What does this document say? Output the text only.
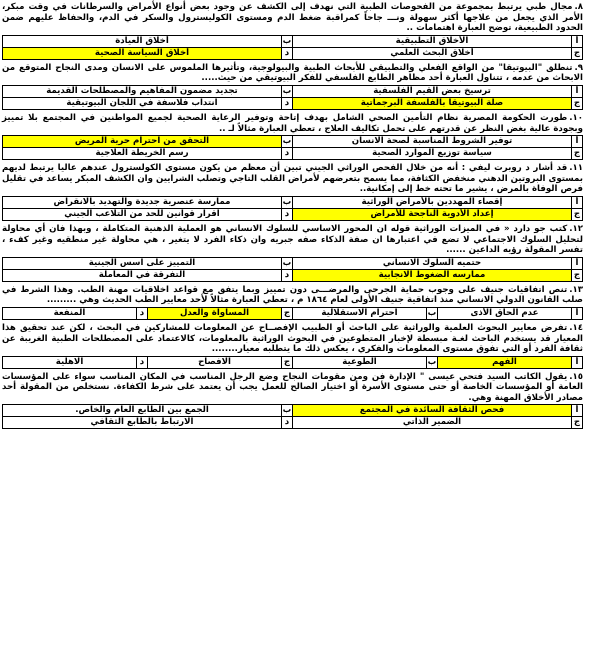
٨.مجال طبي يرتبط بمجموعة من الفحوصات الطبية التي نهدف إلى الكشف عن وجود بعض أنواع الأمراض والسرطانات في وقت مبكر، الأمر الذي يجعل من علاجها أكثر سهولة ونـــ جاحاً كمراقبة ضغط الدم ومستوى الكوليسترول والسكر في الدم، والحفاظ عليهم ضمن الحدود الطبيعية، توضح العبارة اهتمامات ..
أ	الأخلاق التطبيقية	ب	أخلاق العيادة
ج	أخلاق البحث العلمي	د	أخلاق السياسة الصحية
٩.تنطلق "البيوتيقا" من الواقع الفعلي والتطبيقي للأبحاث الطبية والبيولوجية، وتأثيرها الملموس على الانسان ومدى النجاح المتوقع من الابحاث من عدمه ، تتناول العبارة أحد مظاهر الطابع الفلسفي للفكر البيوتيقي من حيث.....
أ	ترسيخ بعض القيم الفلسفية	ب	تجديد مضمون المفاهيم والمصطلحات القديمة
ج	صلة البيوتيقا بالفلسفة البرجماتية	د	انتداب فلاسفة في اللجان البيوتيقية
١٠.طورت الحكومة المصرية نظام التأمين الصحي الشامل بهدف إتاحة وتوفير الرعاية الصحية لجميع المواطنين في المجتمع بلا تمييز وبجودة عالية بغض النظر عن قدرتهم على تحمل تكاليف العلاج ، تعطي العبارة مثالاً لـ ..
أ	توفير الشروط المناسبة لصحة الانسان	ب	التحقق من احترام حرية المريض
ج	سياسة توزيع الموارد الصحية	د	رسم الخريطة العلاجية
١١.قد أشار د روبرت ليفي : أنه من خلال الفحص الوراثي الجيني تبين أن معظم من يكون مستوى الكولسترول عندهم عاليا يرتبط لديهم بمستوى البروتين الدهني منخفض الكثافة، مما يسمح بتعرضهم لأمراض القلب التاجي وتصلب الشرايين وان الكشف المبكر يساعد في تقليل فرص الوفاة بالمرض ، يشير ما تحته خط إلى إمكانية..
أ	إقصاء المهددين بالأمراض الوراثية	ب	ممارسة عنصرية جديدة والتهديد بالانقراض
ج	إعداد الأدوية الناجحة للأمراض	د	اقرار قوانين للحد من التلاعب الجيني
١٢.كتب جو دارد « في الميزات الوراثية قوله ان المحور الاساسي للسلوك الانساني هو العملية الذهنية المتكاملة ، وبهذا فان أي محاولة لتحليل السلوك الاجتماعي لا تضع في اعتبارها ان صفة الذكاء صفه جبريه وان ذكاء الفرد لا يتغير ، هي محاولة غير منطقيه وغير كفء ، تفسر المقولة رؤيه الداعين ......
أ	حتميه السلوك الانساني	ب	التمييز على اسس الجينية
ج	ممارسه الضغوط الانجابية	د	التفرقة في المعاملة
١٣.تنص اتفاقيات جنيف على وجوب حماية الجرحى والمرضـــى دون تمييز وبما يتفق مع قواعد اخلاقيات مهنة الطب. وهذا الشرط في صلب القانون الدولي الانساني منذ اتفاقية جنيف الأولى لعام ١٨٦٤ م ، تعطي العبارة مثالاً لأحد معايير الطب الحديث وهي .........
أ	عدم الحاق الأذى	ب	احترام الاستقلالية	ج	المساواة والعدل	د	المنفعة
١٤.تفرض معايير البحوث العلمية والوراثية على الباحث أو الطبيب الإفصــاح عن المعلومات للمشاركين في البحث ، لكن عند تحقيق هذا المعيار قد يستخدم الباحث لغـة مبسطة لإخبار المتطوعين في البحوث الوراثية بالمعلومات، كالاعتماد على المصطلحات الطبية الغريبة عن ثقافة الفرد أو التي تفوق مستوى المعلومات والفكري ، يعكس ذلك ما يتطلبه معيار........
أ	الفهم	ب	الطوعية	ج	الافصاح	د	الاهلية
١٥.يقول الكاتب السيد فتحي عيسى " الإدارة فن ومن مقومات النجاح وضع الرجل المناسب في المكان المناسب سواء على المؤسسات العامة أو المؤسسات الخاصة أو حتى مستوى الأسرة أو اختيار الصالح للعمل يجب أن يعتمد على شرط الكفاءة. نستخلص من المقولة أحد مصادر الأخلاق المهنة وهي.
أ	فحص الثقافة السائدة في المجتمع	ب	الجمع بين الطابع العام والخاص.
ج	الضمير الذاتي	د	الارتباط بالطابع الثقافي
